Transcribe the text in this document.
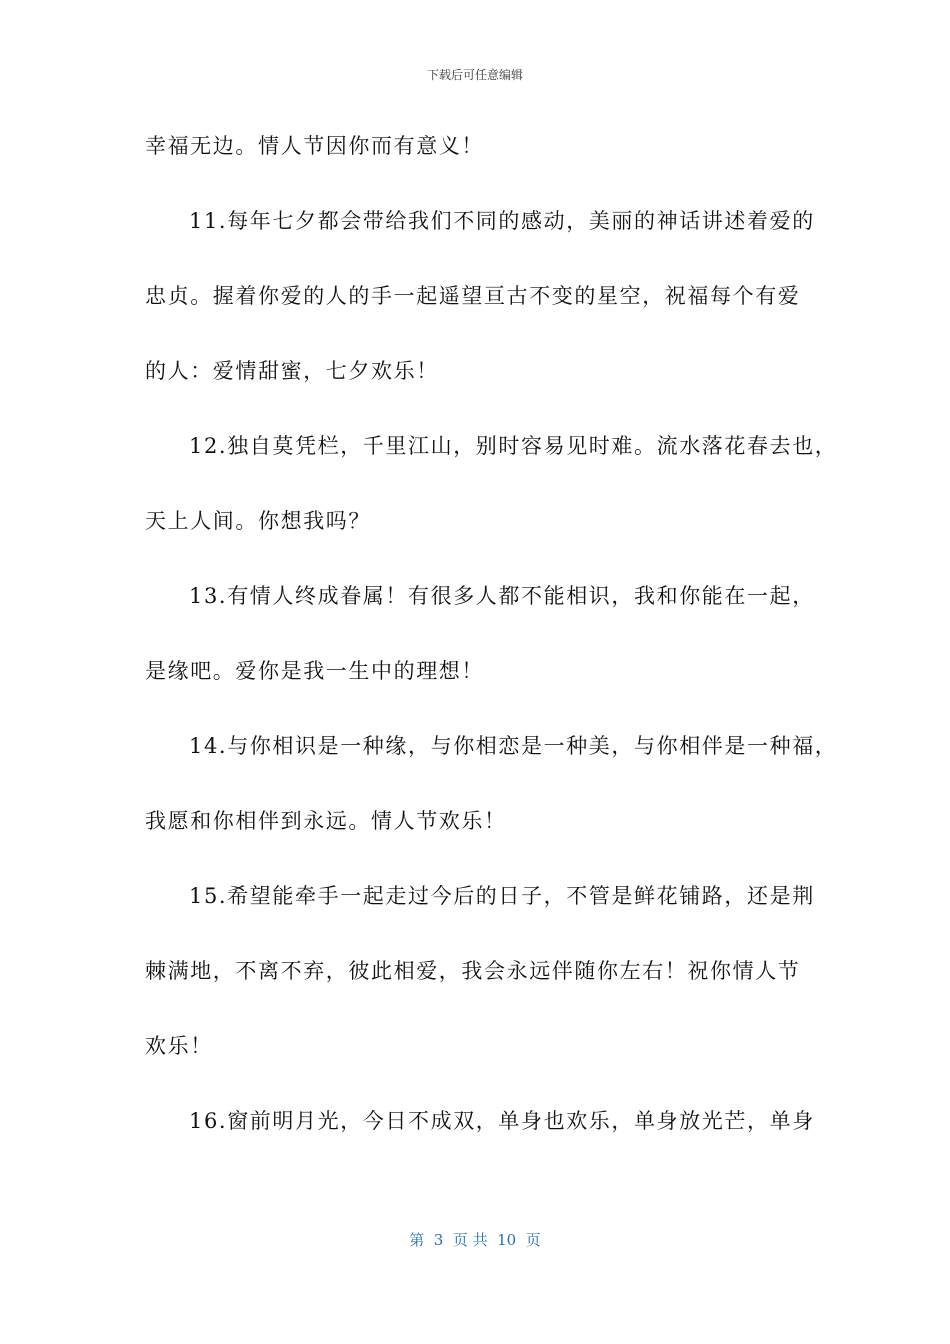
下载后可任意编辑
幸福无边。情人节因你而有意义！
11.每年七夕都会带给我们不同的感动，美丽的神话讲述着爱的
忠贞。握着你爱的人的手一起遥望亘古不变的星空，祝福每个有爱
的人：爱情甜蜜，七夕欢乐！
12.独自莫凭栏，千里江山，别时容易见时难。流水落花春去也，
天上人间。你想我吗？
13.有情人终成眷属！有很多人都不能相识，我和你能在一起，
是缘吧。爱你是我一生中的理想！
14.与你相识是一种缘，与你相恋是一种美，与你相伴是一种福，
我愿和你相伴到永远。情人节欢乐！
15.希望能牵手一起走过今后的日子，不管是鲜花铺路，还是荆
棘满地，不离不弃，彼此相爱，我会永远伴随你左右！祝你情人节
欢乐！
16.窗前明月光，今日不成双，单身也欢乐，单身放光芒，单身
第  3  页 共  10  页
